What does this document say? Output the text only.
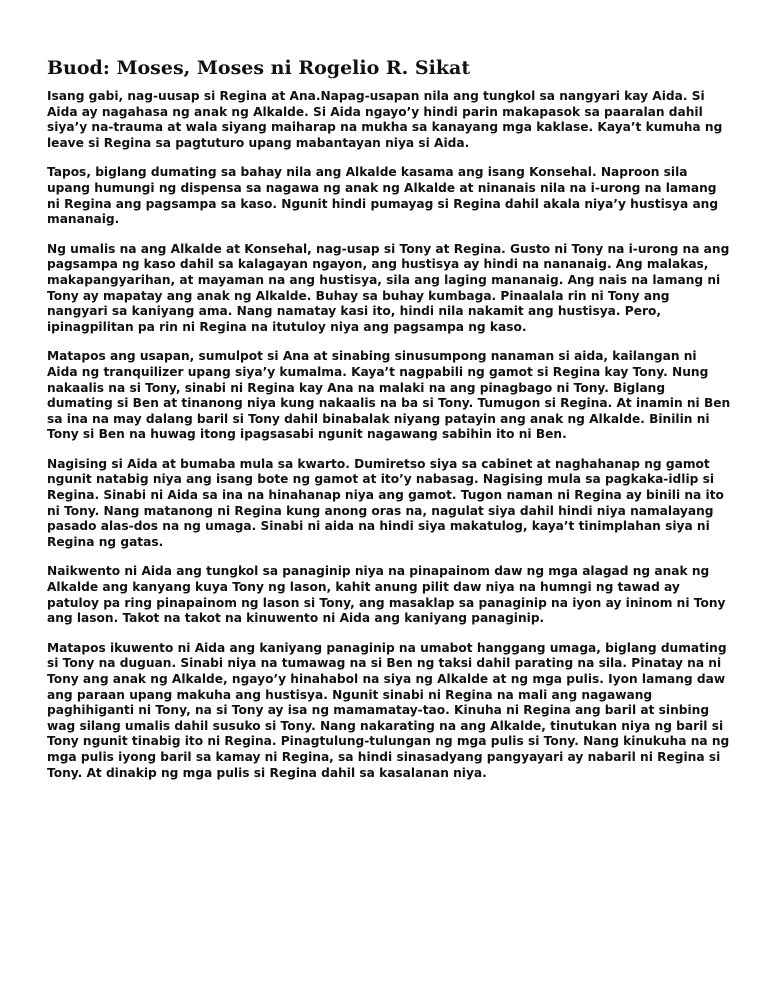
Buod: Moses, Moses ni Rogelio R. Sikat

Isang gabi, nag-uusap si Regina at Ana.Napag-usapan nila ang tungkol sa nangyari kay Aida. Si Aida ay nagahasa ng anak ng Alkalde. Si Aida ngayo’y hindi parin makapasok sa paaralan dahil siya’y na-trauma at wala siyang maiharap na mukha sa kanayang mga kaklase. Kaya’t kumuha ng leave si Regina sa pagtuturo upang mabantayan niya si Aida.

Tapos, biglang dumating sa bahay nila ang Alkalde kasama ang isang Konsehal. Naproon sila upang humungi ng dispensa sa nagawa ng anak ng Alkalde at ninanais nila na i-urong na lamang ni Regina ang pagsampa sa kaso. Ngunit hindi pumayag si Regina dahil akala niya’y hustisya ang mananaig.

Ng umalis na ang Alkalde at Konsehal, nag-usap si Tony at Regina. Gusto ni Tony na i-urong na ang pagsampa ng kaso dahil sa kalagayan ngayon, ang hustisya ay hindi na nananaig. Ang malakas, makapangyarihan, at mayaman na ang hustisya, sila ang laging mananaig. Ang nais na lamang ni Tony ay mapatay ang anak ng Alkalde. Buhay sa buhay kumbaga. Pinaalala rin ni Tony ang nangyari sa kaniyang ama. Nang namatay kasi ito, hindi nila nakamit ang hustisya. Pero, ipinagpilitan pa rin ni Regina na itutuloy niya ang pagsampa ng kaso.

Matapos ang usapan, sumulpot si Ana at sinabing sinusumpong nanaman si aida, kailangan ni Aida ng tranquilizer upang siya’y kumalma. Kaya’t nagpabili ng gamot si Regina kay Tony. Nung nakaalis na si Tony, sinabi ni Regina kay Ana na malaki na ang pinagbago ni Tony. Biglang dumating si Ben at tinanong niya kung nakaalis na ba si Tony. Tumugon si Regina. At inamin ni Ben sa ina na may dalang baril si Tony dahil binabalak niyang patayin ang anak ng Alkalde. Binilin ni Tony si Ben na huwag itong ipagsasabi ngunit nagawang sabihin ito ni Ben.

Nagising si Aida at bumaba mula sa kwarto. Dumiretso siya sa cabinet at naghahanap ng gamot ngunit natabig niya ang isang bote ng gamot at ito’y nabasag. Nagising mula sa pagkaka-idlip si Regina. Sinabi ni Aida sa ina na hinahanap niya ang gamot. Tugon naman ni Regina ay binili na ito ni Tony. Nang matanong ni Regina kung anong oras na, nagulat siya dahil hindi niya namalayang pasado alas-dos na ng umaga. Sinabi ni aida na hindi siya makatulog, kaya’t tinimplahan siya ni Regina ng gatas.

Naikwento ni Aida ang tungkol sa panaginip niya na pinapainom daw ng mga alagad ng anak ng Alkalde ang kanyang kuya Tony ng lason, kahit anung pilit daw niya na humngi ng tawad ay patuloy pa ring pinapainom ng lason si Tony, ang masaklap sa panaginip na iyon ay ininom ni Tony ang lason. Takot na takot na kinuwento ni Aida ang kaniyang panaginip.

Matapos ikuwento ni Aida ang kaniyang panaginip na umabot hanggang umaga, biglang dumating si Tony na duguan. Sinabi niya na tumawag na si Ben ng taksi dahil parating na sila. Pinatay na ni Tony ang anak ng Alkalde, ngayo’y hinahabol na siya ng Alkalde at ng mga pulis. Iyon lamang daw ang paraan upang makuha ang hustisya. Ngunit sinabi ni Regina na mali ang nagawang paghihiganti ni Tony, na si Tony ay isa ng mamamatay-tao. Kinuha ni Regina ang baril at sinbing wag silang umalis dahil susuko si Tony. Nang nakarating na ang Alkalde, tinutukan niya ng baril si Tony ngunit tinabig ito ni Regina. Pinagtulung-tulungan ng mga pulis si Tony. Nang kinukuha na ng mga pulis iyong baril sa kamay ni Regina, sa hindi sinasadyang pangyayari ay nabaril ni Regina si Tony. At dinakip ng mga pulis si Regina dahil sa kasalanan niya.
